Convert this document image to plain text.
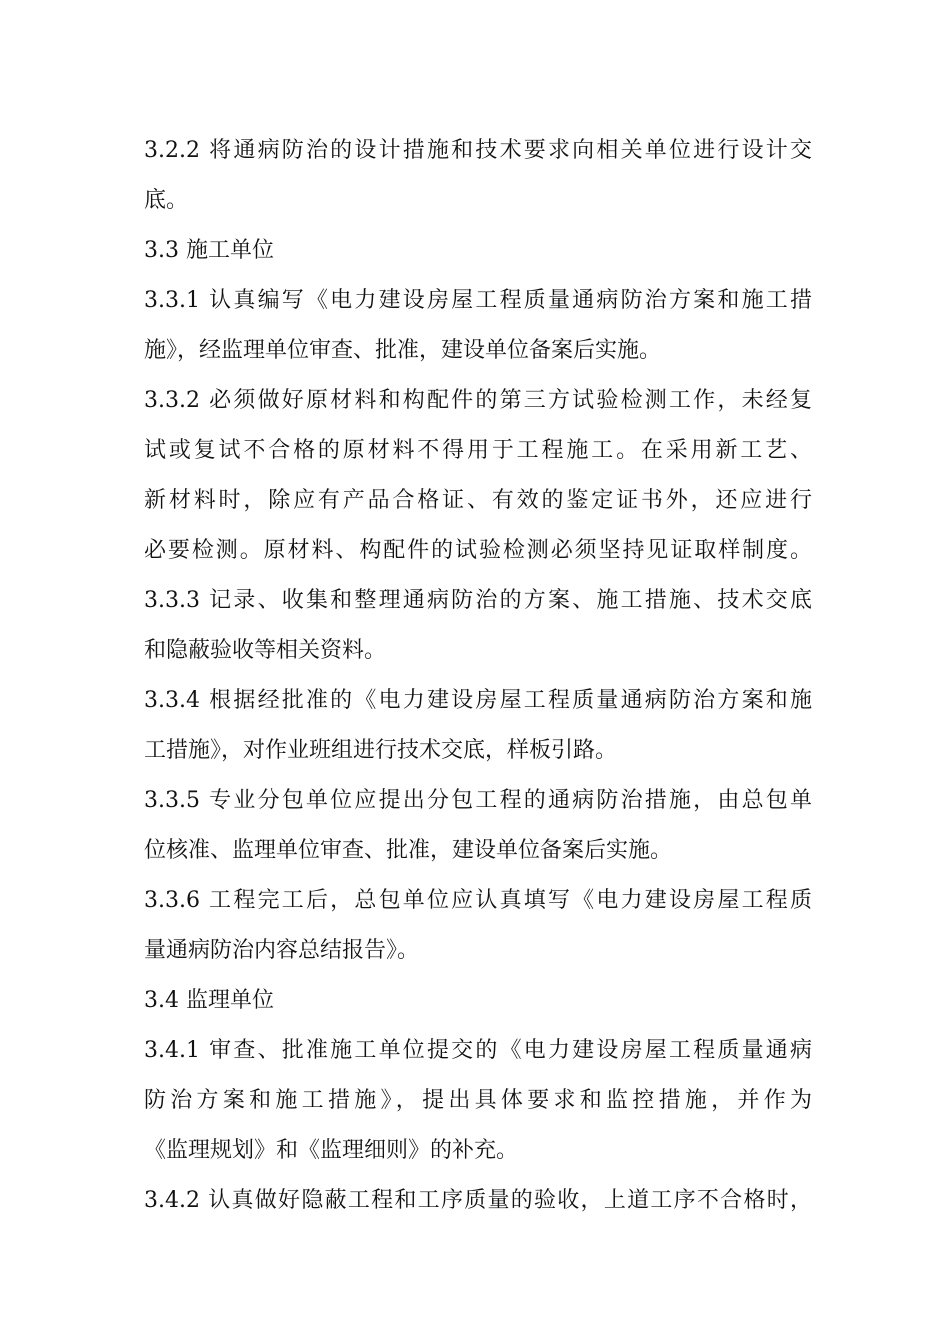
3.2.2 将通病防治的设计措施和技术要求向相关单位进行设计交
底。
3.3 施工单位
3.3.1 认真编写《电力建设房屋工程质量通病防治方案和施工措
施》，经监理单位审查、批准，建设单位备案后实施。
3.3.2 必须做好原材料和构配件的第三方试验检测工作，未经复
试或复试不合格的原材料不得用于工程施工。在采用新工艺、
新材料时，除应有产品合格证、有效的鉴定证书外，还应进行
必要检测。原材料、构配件的试验检测必须坚持见证取样制度。
3.3.3 记录、收集和整理通病防治的方案、施工措施、技术交底
和隐蔽验收等相关资料。
3.3.4 根据经批准的《电力建设房屋工程质量通病防治方案和施
工措施》，对作业班组进行技术交底，样板引路。
3.3.5 专业分包单位应提出分包工程的通病防治措施，由总包单
位核准、监理单位审查、批准，建设单位备案后实施。
3.3.6 工程完工后，总包单位应认真填写《电力建设房屋工程质
量通病防治内容总结报告》。
3.4 监理单位
3.4.1 审查、批准施工单位提交的《电力建设房屋工程质量通病
防治方案和施工措施》，提出具体要求和监控措施，并作为
《监理规划》和《监理细则》的补充。
3.4.2 认真做好隐蔽工程和工序质量的验收，上道工序不合格时，
